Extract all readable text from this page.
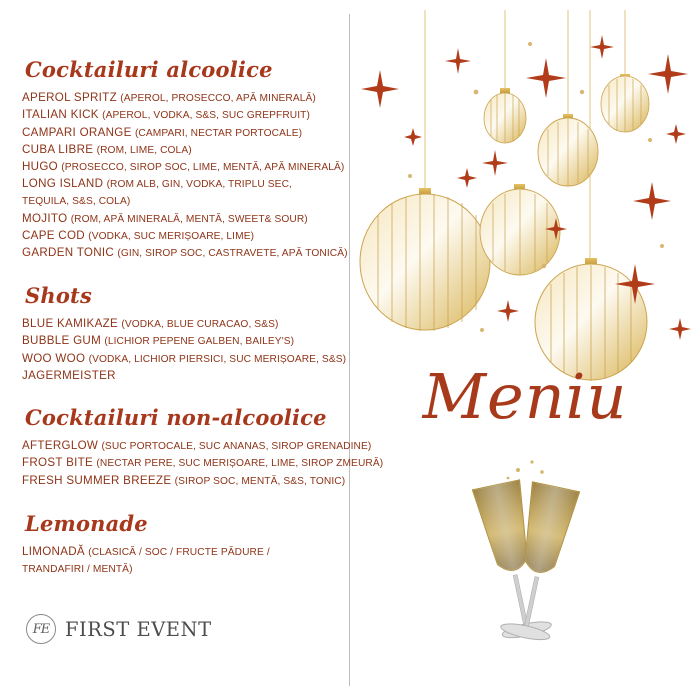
Cocktailuri alcoolice
APEROL SPRITZ (APEROL, PROSECCO, APĂ MINERALĂ)
ITALIAN KICK (APEROL, VODKA, S&S, SUC GREPFRUIT)
CAMPARI ORANGE (CAMPARI, NECTAR PORTOCALE)
CUBA LIBRE (ROM, LIME, COLA)
HUGO (PROSECCO, SIROP SOC, LIME, MENTĂ, APĂ MINERALĂ)
LONG ISLAND (ROM ALB, GIN, VODKA, TRIPLU SEC,
TEQUILA, S&S, COLA)
MOJITO (ROM, APĂ MINERALĂ, MENTĂ, SWEET& SOUR)
CAPE COD (VODKA, SUC MERIȘOARE, LIME)
GARDEN TONIC (GIN, SIROP SOC, CASTRAVETE, APĂ TONICĂ)
Shots
BLUE KAMIKAZE (VODKA, BLUE CURACAO, S&S)
BUBBLE GUM (LICHIOR PEPENE GALBEN, BAILEY'S)
WOO WOO (VODKA, LICHIOR PIERSICI, SUC MERIȘOARE, S&S)
JAGERMEISTER
Cocktailuri non-alcoolice
AFTERGLOW (SUC PORTOCALE, SUC ANANAS, SIROP GRENADINE)
FROST BITE (NECTAR PERE, SUC MERIȘOARE, LIME, SIROP ZMEURĂ)
FRESH SUMMER BREEZE (SIROP SOC, MENTĂ, S&S, TONIC)
Lemonade
LIMONADĂ (CLASICĂ / SOC / FRUCTE PĂDURE /
TRANDAFIRI / MENTĂ)
FE FIRST EVENT
Meniu
